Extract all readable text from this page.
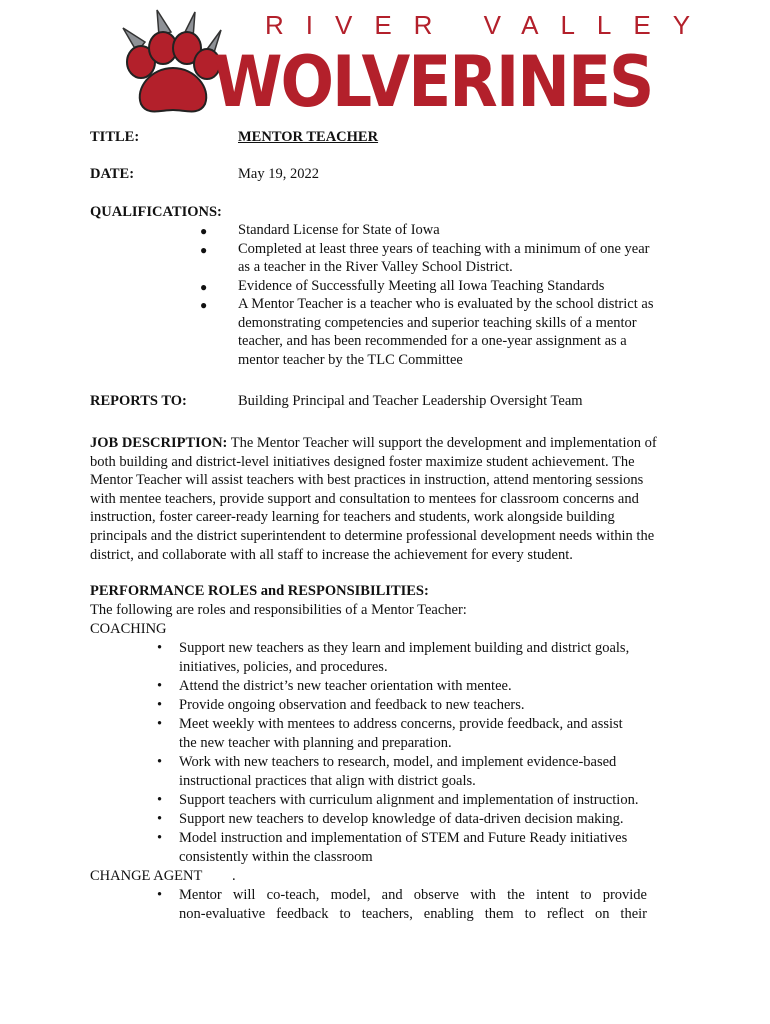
RIVER VALLEY
WOLVERINES
TITLE:	MENTOR TEACHER
DATE:	May 19, 2022
QUALIFICATIONS:
● Standard License for State of Iowa
● Completed at least three years of teaching with a minimum of one year
as a teacher in the River Valley School District.
● Evidence of Successfully Meeting all Iowa Teaching Standards
● A Mentor Teacher is a teacher who is evaluated by the school district as
demonstrating competencies and superior teaching skills of a mentor
teacher, and has been recommended for a one-year assignment as a
mentor teacher by the TLC Committee
REPORTS TO:	Building Principal and Teacher Leadership Oversight Team

JOB DESCRIPTION: The Mentor Teacher will support the development and implementation of

both building and district-level initiatives designed foster maximize student achievement. The

Mentor Teacher will assist teachers with best practices in instruction, attend mentoring sessions

with mentee teachers, provide support and consultation to mentees for classroom concerns and

instruction, foster career-ready learning for teachers and students, work alongside building

principals and the district superintendent to determine professional development needs within the

district, and collaborate with all staff to increase the achievement for every student.

PERFORMANCE ROLES and RESPONSIBILITIES:
The following are roles and responsibilities of a Mentor Teacher:
COACHING
• Support new teachers as they learn and implement building and district goals,
initiatives, policies, and procedures.
• Attend the district’s new teacher orientation with mentee.
• Provide ongoing observation and feedback to new teachers.
• Meet weekly with mentees to address concerns, provide feedback, and assist
the new teacher with planning and preparation.
• Work with new teachers to research, model, and implement evidence-based
instructional practices that align with district goals.
• Support teachers with curriculum alignment and implementation of instruction.
• Support new teachers to develop knowledge of data-driven decision making.
• Model instruction and implementation of STEM and Future Ready initiatives
consistently within the classroom
CHANGE AGENT .
• Mentor will co-teach, model, and observe with the intent to provide
non-evaluative feedback to teachers, enabling them to reflect on their
